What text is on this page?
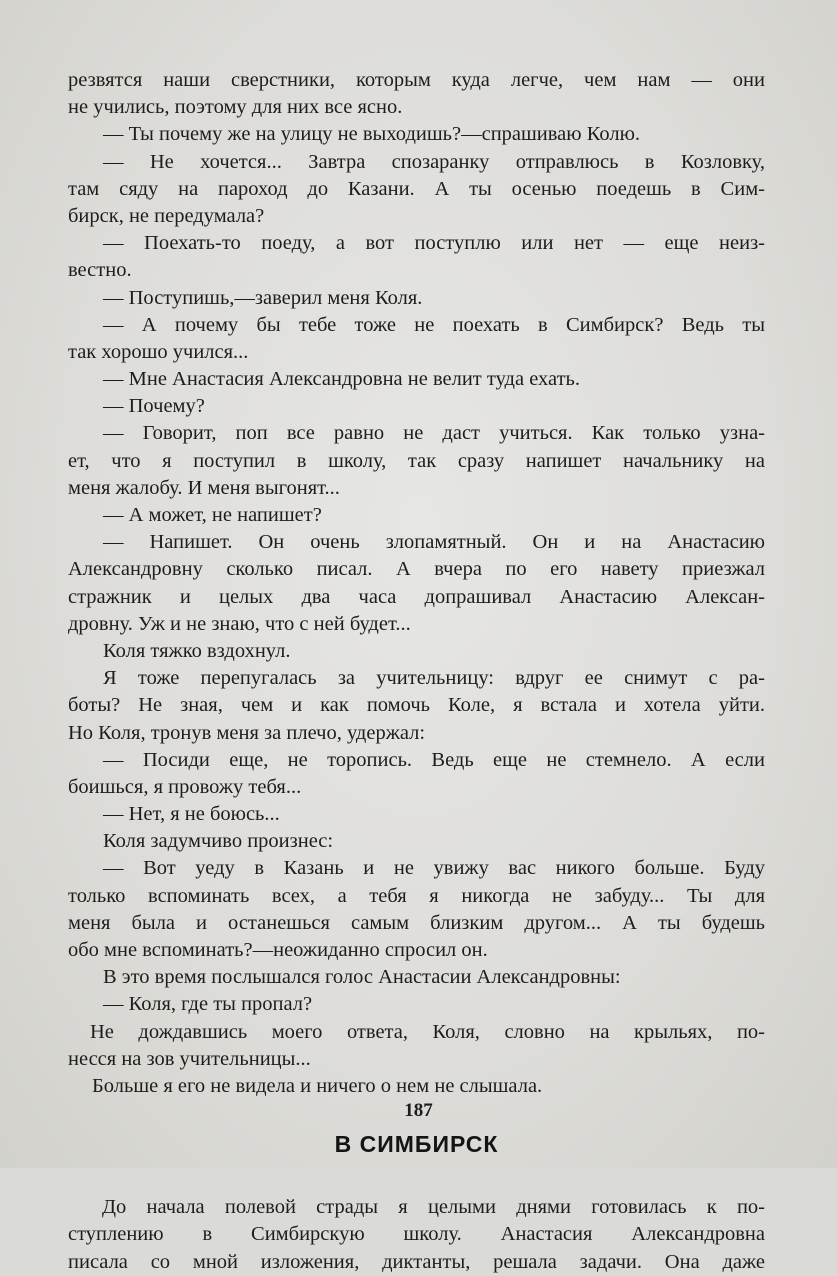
резвятся наши сверстники, которым куда легче, чем нам — они
не учились, поэтому для них все ясно.
— Ты почему же на улицу не выходишь?—спрашиваю Колю.
— Не хочется... Завтра спозаранку отправлюсь в Козловку,
там сяду на пароход до Казани. А ты осенью поедешь в Сим-
бирск, не передумала?
— Поехать-то поеду, а вот поступлю или нет — еще неиз-
вестно.
— Поступишь,—заверил меня Коля.
— А почему бы тебе тоже не поехать в Симбирск? Ведь ты
так хорошо учился...
— Мне Анастасия Александровна не велит туда ехать.
— Почему?
— Говорит, поп все равно не даст учиться. Как только узна-
ет, что я поступил в школу, так сразу напишет начальнику на
меня жалобу. И меня выгонят...
— А может, не напишет?
— Напишет. Он очень злопамятный. Он и на Анастасию
Александровну сколько писал. А вчера по его навету приезжал
стражник и целых два часа допрашивал Анастасию Алексан-
дровну. Уж и не знаю, что с ней будет...
Коля тяжко вздохнул.
Я тоже перепугалась за учительницу: вдруг ее снимут с ра-
боты? Не зная, чем и как помочь Коле, я встала и хотела уйти.
Но Коля, тронув меня за плечо, удержал:
— Посиди еще, не торопись. Ведь еще не стемнело. А если
боишься, я провожу тебя...
— Нет, я не боюсь...
Коля задумчиво произнес:
— Вот уеду в Казань и не увижу вас никого больше. Буду
только вспоминать всех, а тебя я никогда не забуду... Ты для
меня была и останешься самым близким другом... А ты будешь
обо мне вспоминать?—неожиданно спросил он.
В это время послышался голос Анастасии Александровны:
— Коля, где ты пропал?
Не дождавшись моего ответа, Коля, словно на крыльях, по-
несся на зов учительницы...
Больше я его не видела и ничего о нем не слышала.
В СИМБИРСК
До начала полевой страды я целыми днями готовилась к по-
ступлению в Симбирскую школу. Анастасия Александровна
писала со мной изложения, диктанты, решала задачи. Она даже
187
